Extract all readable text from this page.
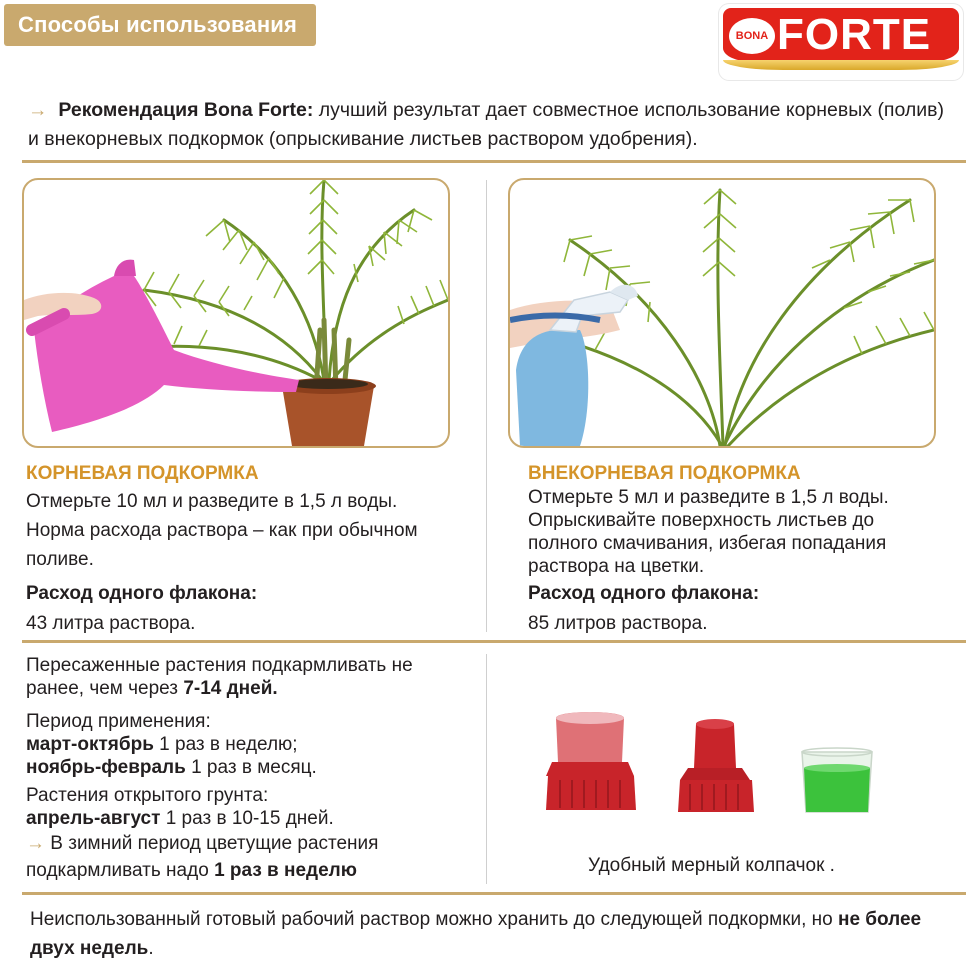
Способы использования	BONA FORTE
→ Рекомендация Bona Forte: лучший результат дает совместное использование корневых (полив) и внекорневых подкормок (опрыскивание листьев раствором удобрения).
КОРНЕВАЯ ПОДКОРМКА
Отмерьте 10 мл и разведите в 1,5 л воды.
Норма расхода раствора – как при обычном поливе.
Расход одного флакона:
43 литра раствора.
ВНЕКОРНЕВАЯ ПОДКОРМКА
Отмерьте 5 мл и разведите в 1,5 л воды.
Опрыскивайте поверхность листьев до полного смачивания, избегая попадания раствора на цветки.
Расход одного флакона:
85 литров раствора.
Пересаженные растения подкармливать не ранее, чем через 7-14 дней.
Период применения:
март-октябрь 1 раз в неделю;
ноябрь-февраль 1 раз в месяц.
Растения открытого грунта:
апрель-август 1 раз в 10-15 дней.
→ В зимний период цветущие растения подкармливать надо 1 раз в неделю	Удобный мерный колпачок .
Неиспользованный готовый рабочий раствор можно хранить до следующей подкормки, но не более двух недель.
